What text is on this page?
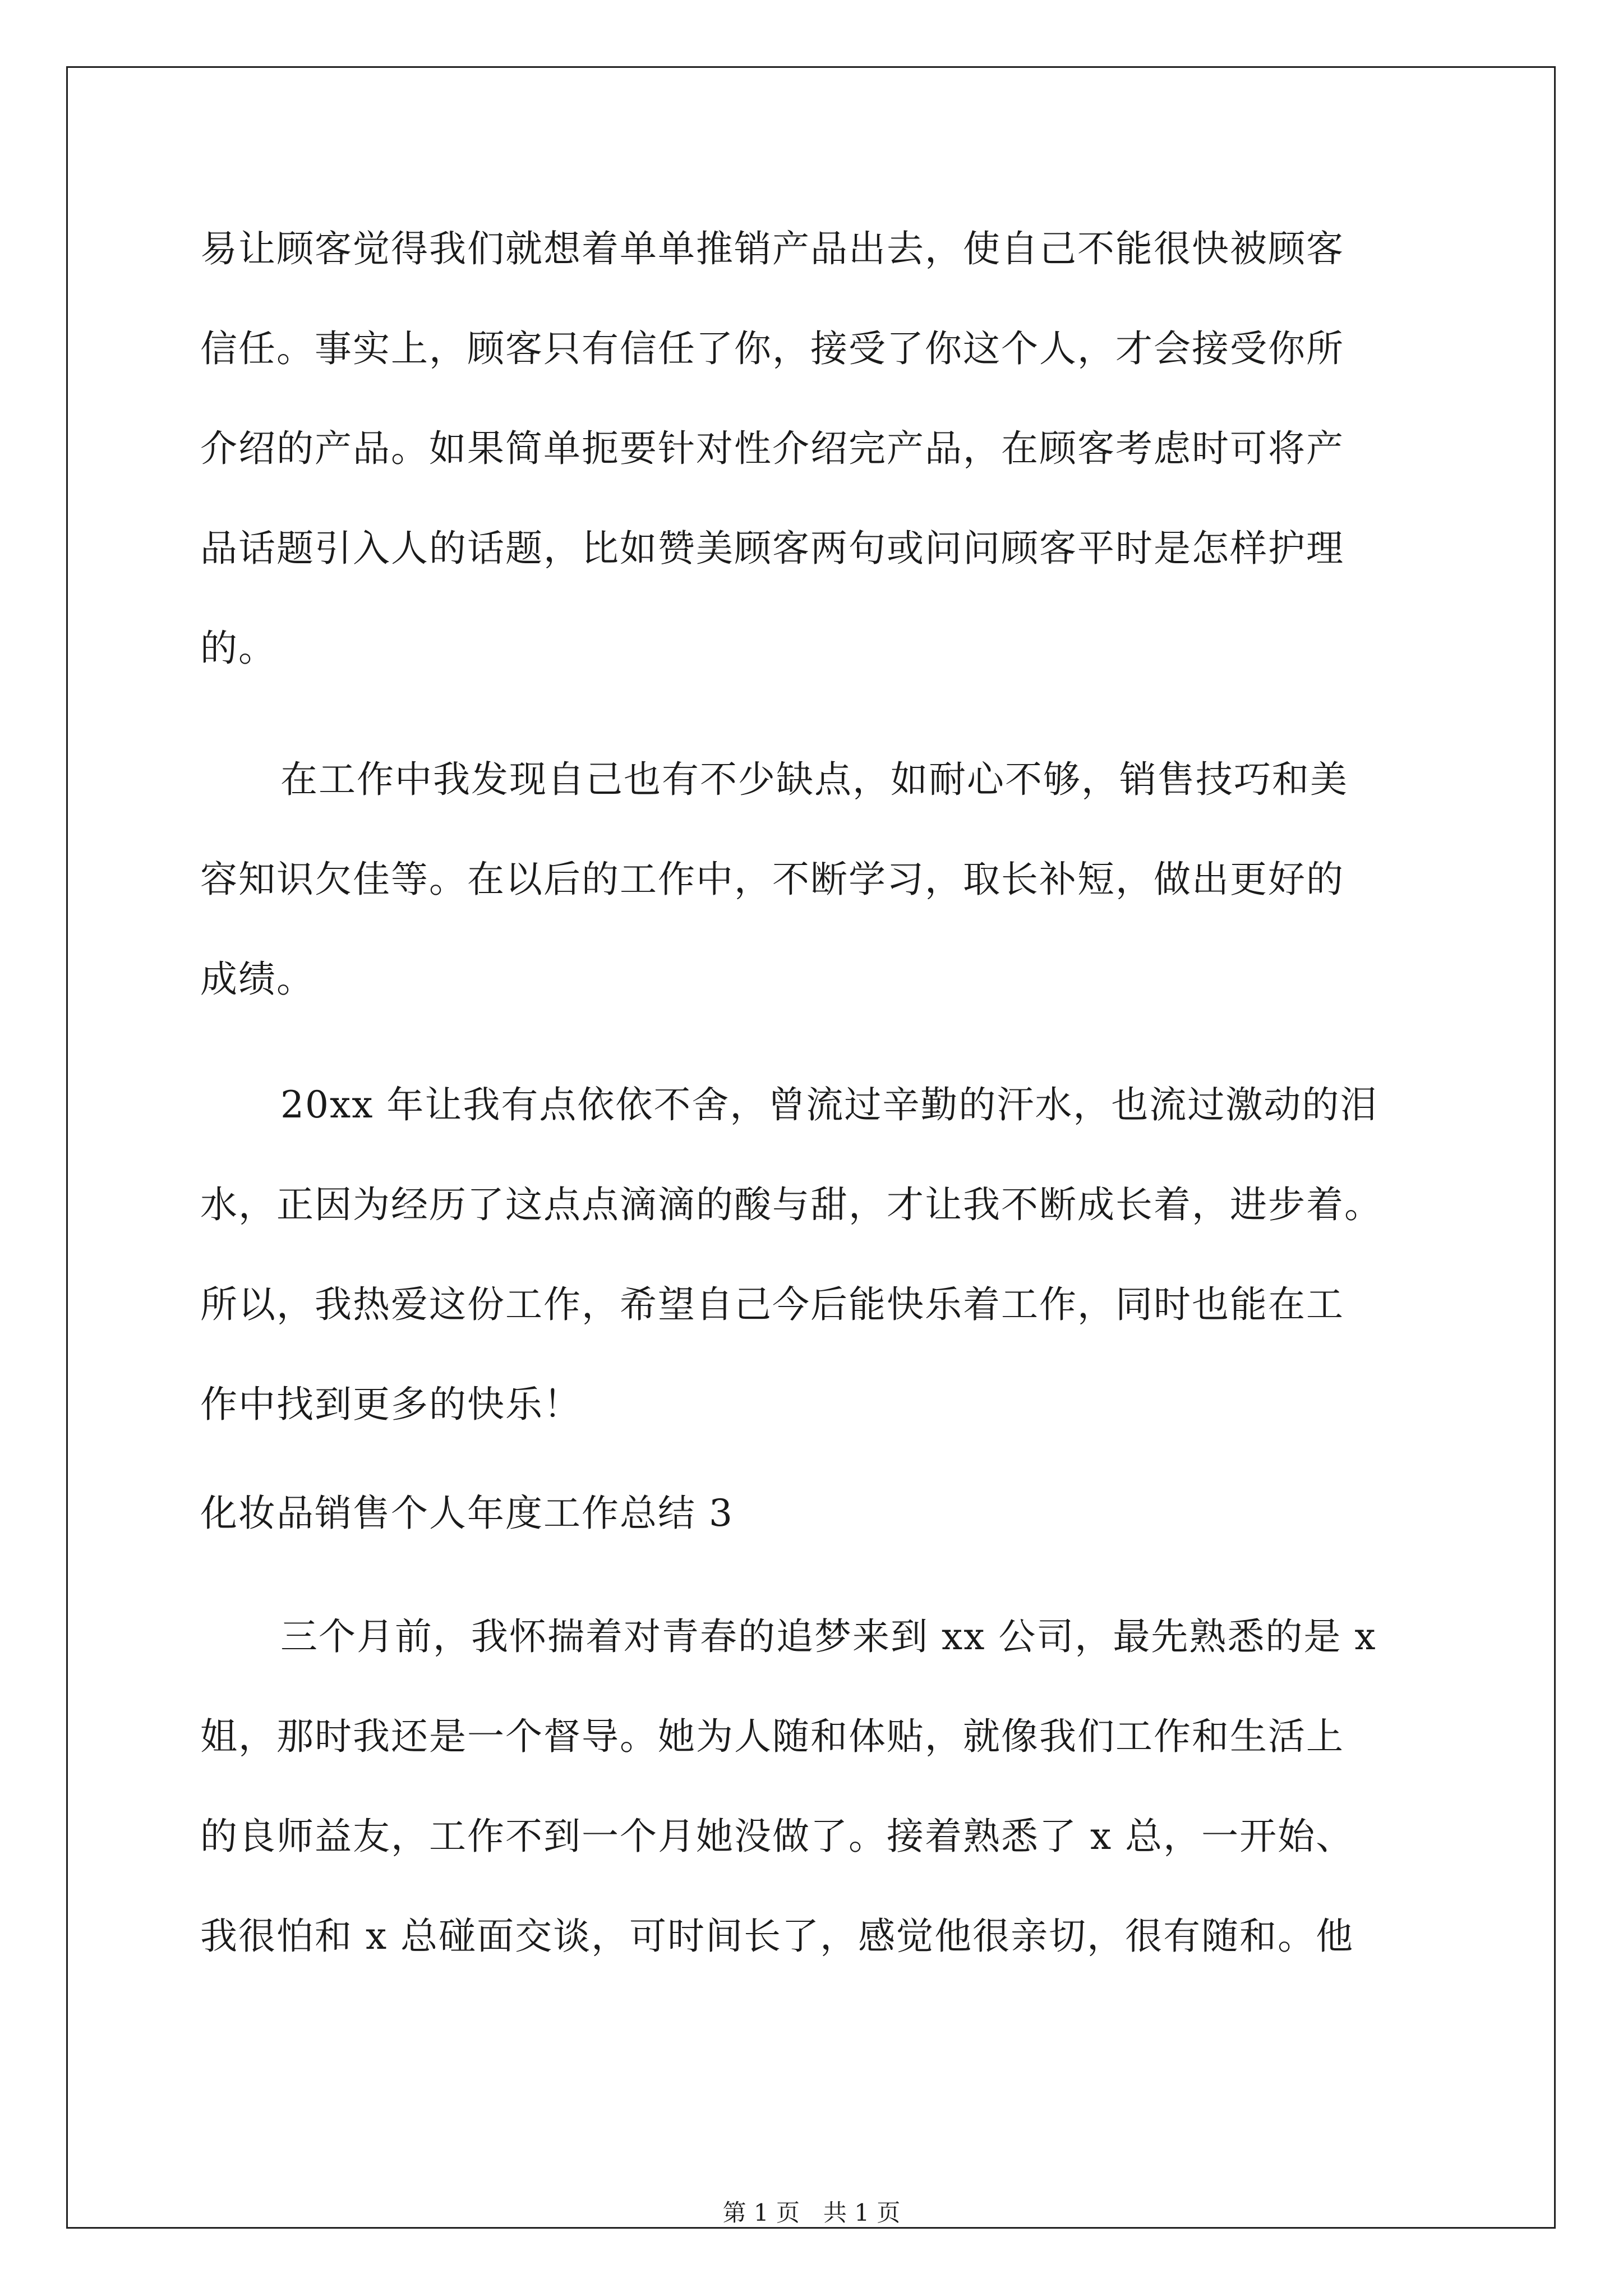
易让顾客觉得我们就想着单单推销产品出去，使自己不能很快被顾客

信任。事实上，顾客只有信任了你，接受了你这个人，才会接受你所

介绍的产品。如果简单扼要针对性介绍完产品，在顾客考虑时可将产

品话题引入人的话题，比如赞美顾客两句或问问顾客平时是怎样护理

的。

在工作中我发现自己也有不少缺点，如耐心不够，销售技巧和美

容知识欠佳等。在以后的工作中，不断学习，取长补短，做出更好的

成绩。

20xx 年让我有点依依不舍，曾流过辛勤的汗水，也流过激动的泪

水，正因为经历了这点点滴滴的酸与甜，才让我不断成长着，进步着。

所以，我热爱这份工作，希望自己今后能快乐着工作，同时也能在工

作中找到更多的快乐！

化妆品销售个人年度工作总结 3

三个月前，我怀揣着对青春的追梦来到 xx 公司，最先熟悉的是 x

姐，那时我还是一个督导。她为人随和体贴，就像我们工作和生活上

的良师益友，工作不到一个月她没做了。接着熟悉了 x 总，一开始、

我很怕和 x 总碰面交谈，可时间长了，感觉他很亲切，很有随和。他

第 1 页　共 1 页
